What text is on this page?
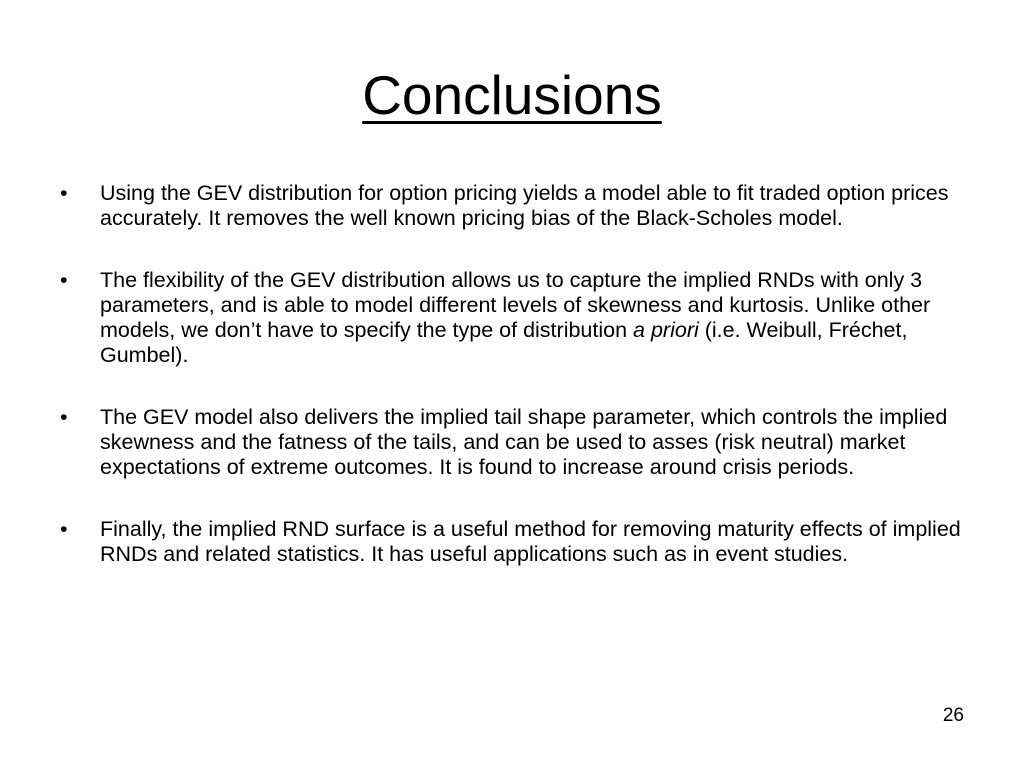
Conclusions
•	Using the GEV distribution for option pricing yields a model able to fit traded option prices accurately. It removes the well known pricing bias of the Black-Scholes model.
•	The flexibility of the GEV distribution allows us to capture the implied RNDs with only 3 parameters, and is able to model different levels of skewness and kurtosis. Unlike other models, we don’t have to specify the type of distribution a priori (i.e. Weibull, Fréchet, Gumbel).
•	The GEV model also delivers the implied tail shape parameter, which controls the implied skewness and the fatness of the tails, and can be used to asses (risk neutral) market expectations of extreme outcomes. It is found to increase around crisis periods.
•	Finally, the implied RND surface is a useful method for removing maturity effects of implied RNDs and related statistics. It has useful applications such as in event studies.
26
